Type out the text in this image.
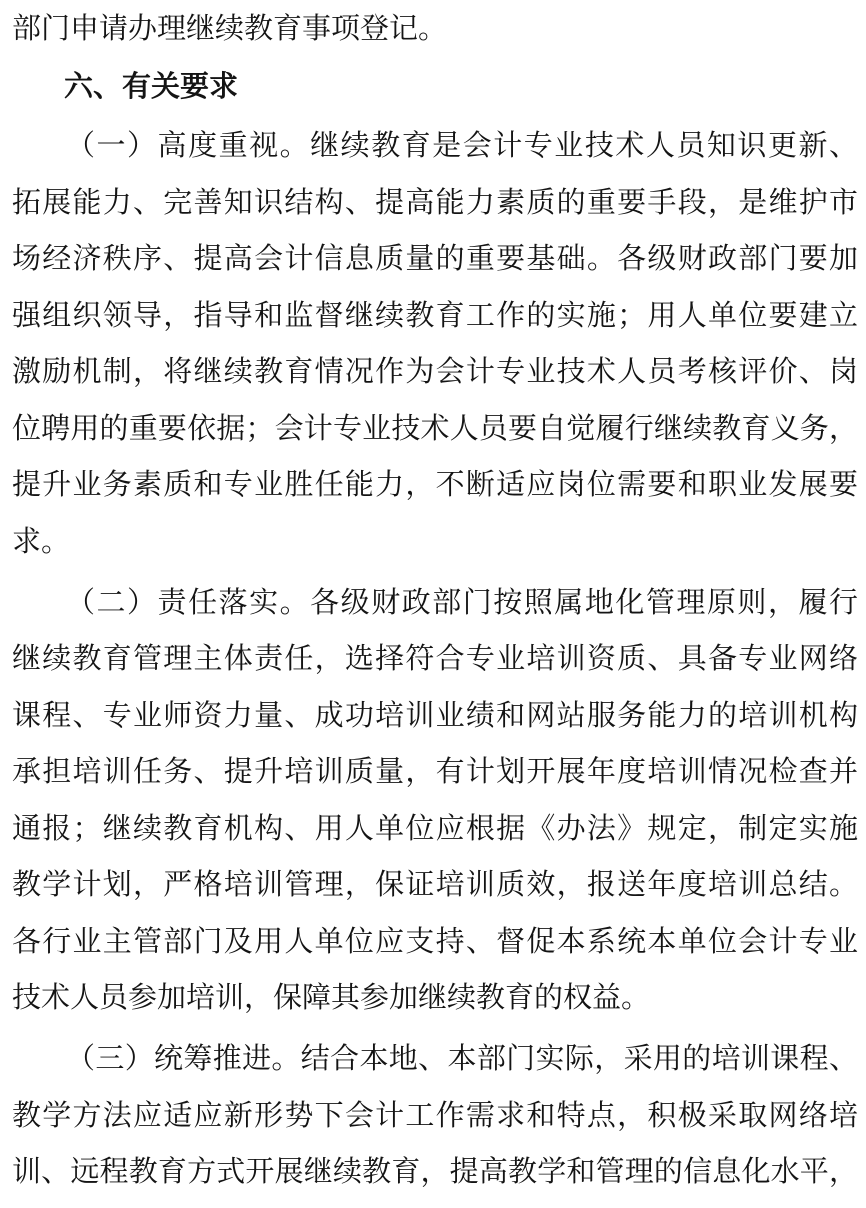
部门申请办理继续教育事项登记。
六、有关要求
（一）高度重视。继续教育是会计专业技术人员知识更新、
拓展能力、完善知识结构、提高能力素质的重要手段，是维护市
场经济秩序、提高会计信息质量的重要基础。各级财政部门要加
强组织领导，指导和监督继续教育工作的实施；用人单位要建立
激励机制，将继续教育情况作为会计专业技术人员考核评价、岗
位聘用的重要依据；会计专业技术人员要自觉履行继续教育义务，
提升业务素质和专业胜任能力，不断适应岗位需要和职业发展要
求。
（二）责任落实。各级财政部门按照属地化管理原则，履行
继续教育管理主体责任，选择符合专业培训资质、具备专业网络
课程、专业师资力量、成功培训业绩和网站服务能力的培训机构
承担培训任务、提升培训质量，有计划开展年度培训情况检查并
通报；继续教育机构、用人单位应根据《办法》规定，制定实施
教学计划，严格培训管理，保证培训质效，报送年度培训总结。
各行业主管部门及用人单位应支持、督促本系统本单位会计专业
技术人员参加培训，保障其参加继续教育的权益。
（三）统筹推进。结合本地、本部门实际，采用的培训课程、
教学方法应适应新形势下会计工作需求和特点，积极采取网络培
训、远程教育方式开展继续教育，提高教学和管理的信息化水平，
